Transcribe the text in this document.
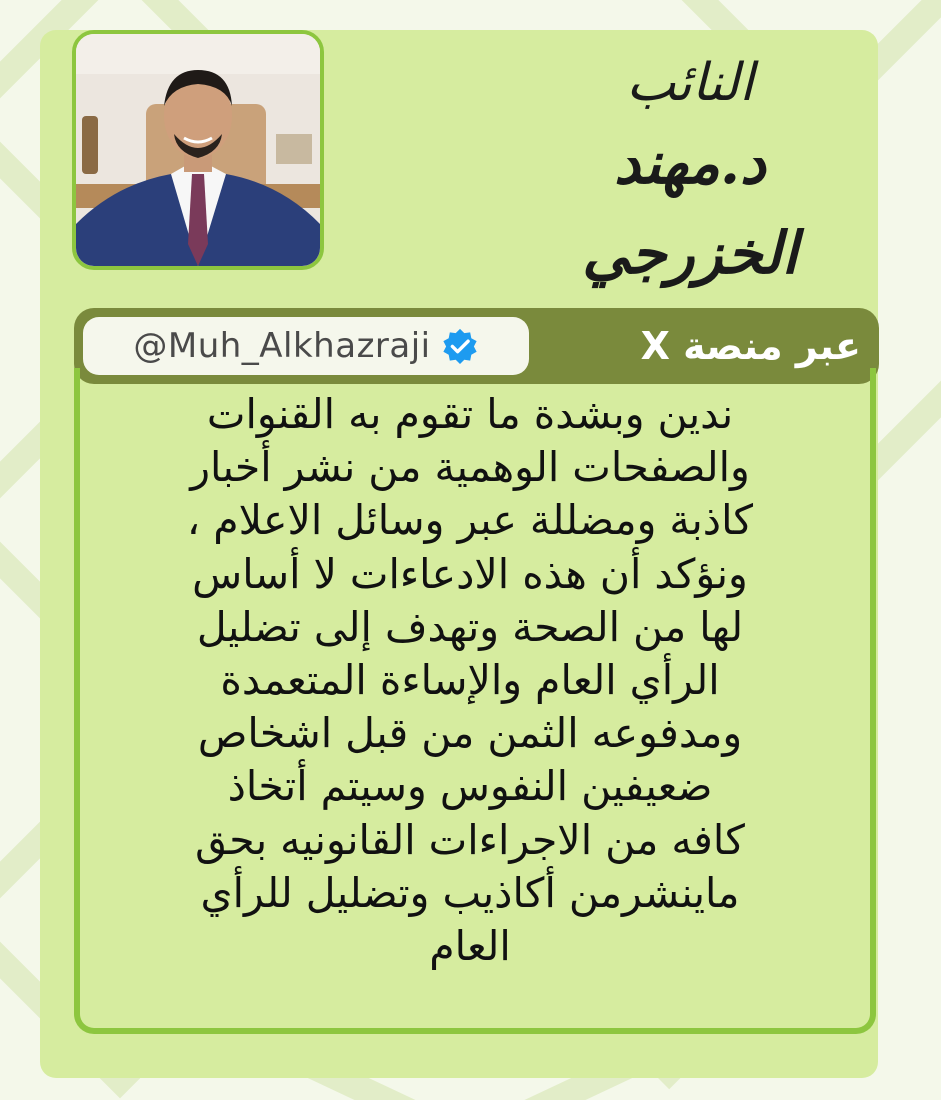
النائب
د.مهند الخزرجي
@Muh_Alkhazraji	عبر منصة X
ندين وبشدة ما تقوم به القنوات
والصفحات الوهمية من نشر أخبار
كاذبة ومضللة عبر وسائل الاعلام ،
ونؤكد أن هذه الادعاءات لا أساس
لها من الصحة وتهدف إلى تضليل
الرأي العام والإساءة المتعمدة
ومدفوعه الثمن من قبل اشخاص
ضعيفين النفوس وسيتم أتخاذ
كافه من الاجراءات القانونيه بحق
ماينشرمن أكاذيب وتضليل للرأي
العام
